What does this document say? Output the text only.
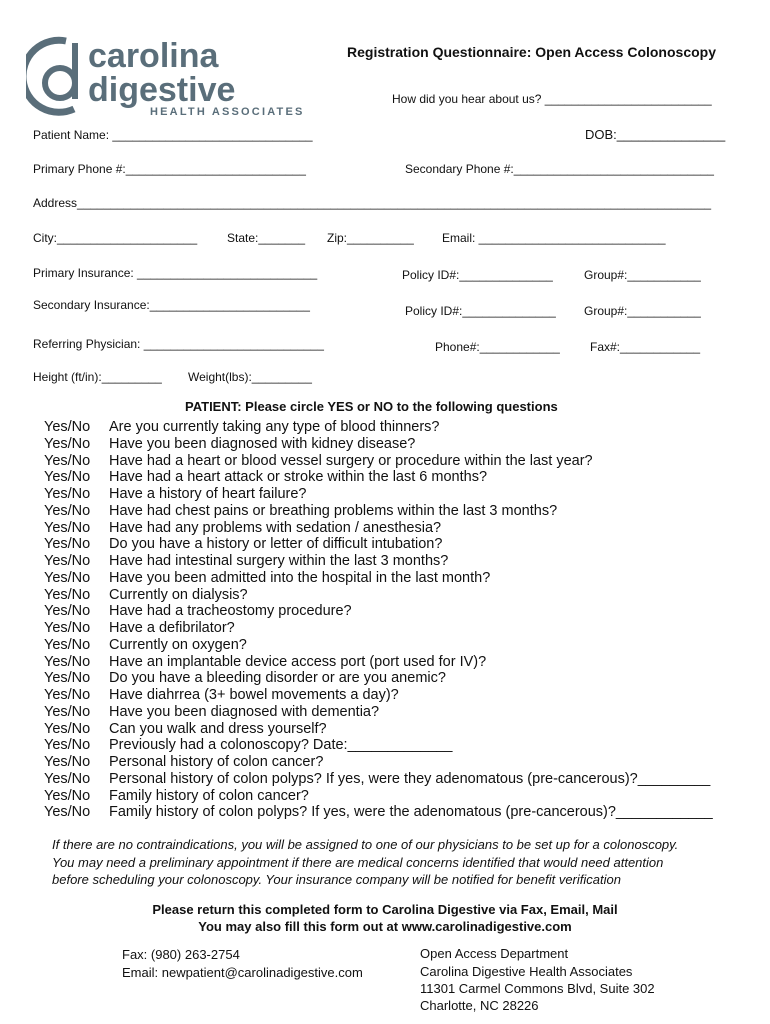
carolina
digestive
HEALTH ASSOCIATES
Registration Questionnaire: Open Access Colonoscopy
How did you hear about us? _________________________
Patient Name: ______________________________	DOB:_______________
Primary Phone #:___________________________	Secondary Phone #:______________________________
Address_______________________________________________________________________________________________
City:_____________________ State:_______ Zip:__________ Email: ____________________________
Primary Insurance: ___________________________	Policy ID#:______________	Group#:___________
Secondary Insurance:________________________	Policy ID#:______________ Group#:___________
Referring Physician: ___________________________	Phone#:____________	Fax#:____________
Height (ft/in):_________ Weight(lbs):_________
PATIENT: Please circle YES or NO to the following questions
Yes/No Are you currently taking any type of blood thinners?
Yes/No Have you been diagnosed with kidney disease?
Yes/No Have had a heart or blood vessel surgery or procedure within the last year?
Yes/No Have had a heart attack or stroke within the last 6 months?
Yes/No Have a history of heart failure?
Yes/No Have had chest pains or breathing problems within the last 3 months?
Yes/No Have had any problems with sedation / anesthesia?
Yes/No Do you have a history or letter of difficult intubation?
Yes/No Have had intestinal surgery within the last 3 months?
Yes/No Have you been admitted into the hospital in the last month?
Yes/No Currently on dialysis?
Yes/No Have had a tracheostomy procedure?
Yes/No Have a defibrilator?
Yes/No Currently on oxygen?
Yes/No Have an implantable device access port (port used for IV)?
Yes/No Do you have a bleeding disorder or are you anemic?
Yes/No Have diahrrea (3+ bowel movements a day)?
Yes/No Have you been diagnosed with dementia?
Yes/No Can you walk and dress yourself?
Yes/No Previously had a colonoscopy? Date:_____________
Yes/No Personal history of colon cancer?
Yes/No Personal history of colon polyps? If yes, were they adenomatous (pre-cancerous)?_________
Yes/No Family history of colon cancer?
Yes/No Family history of colon polyps? If yes, were the adenomatous (pre-cancerous)?____________
If there are no contraindications, you will be assigned to one of our physicians to be set up for a colonoscopy.
You may need a preliminary appointment if there are medical concerns identified that would need attention
before scheduling your colonoscopy. Your insurance company will be notified for benefit verification
Please return this completed form to Carolina Digestive via Fax, Email, Mail
You may also fill this form out at www.carolinadigestive.com
Fax: (980) 263-2754
Email: newpatient@carolinadigestive.com
Open Access Department
Carolina Digestive Health Associates
11301 Carmel Commons Blvd, Suite 302
Charlotte, NC 28226
